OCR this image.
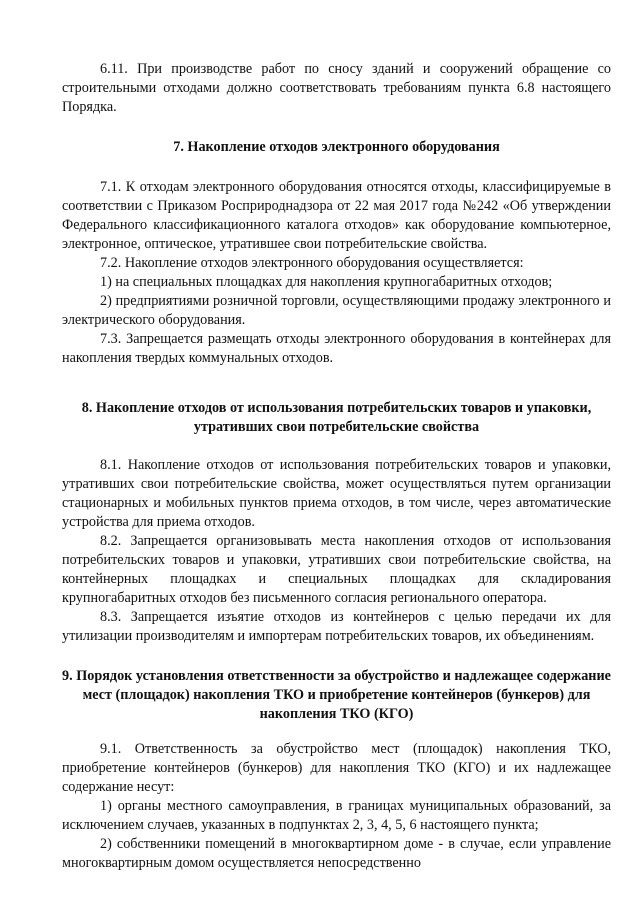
6.11. При производстве работ по сносу зданий и сооружений обращение со строительными отходами должно соответствовать требованиям пункта 6.8 настоящего Порядка.

7. Накопление отходов электронного оборудования

7.1. К отходам электронного оборудования относятся отходы, классифицируемые в соответствии с Приказом Росприроднадзора от 22 мая 2017 года №242 «Об утверждении Федерального классификационного каталога отходов» как оборудование компьютерное, электронное, оптическое, утратившее свои потребительские свойства.

7.2. Накопление отходов электронного оборудования осуществляется:

1) на специальных площадках для накопления крупногабаритных отходов;

2) предприятиями розничной торговли, осуществляющими продажу электронного и электрического оборудования.

7.3. Запрещается размещать отходы электронного оборудования в контейнерах для накопления твердых коммунальных отходов.

8. Накопление отходов от использования потребительских товаров и упаковки, утративших свои потребительские свойства

8.1. Накопление отходов от использования потребительских товаров и упаковки, утративших свои потребительские свойства, может осуществляться путем организации стационарных и мобильных пунктов приема отходов, в том числе, через автоматические устройства для приема отходов.

8.2. Запрещается организовывать места накопления отходов от использования потребительских товаров и упаковки, утративших свои потребительские свойства, на контейнерных площадках и специальных площадках для складирования крупногабаритных отходов без письменного согласия регионального оператора.

8.3. Запрещается изъятие отходов из контейнеров с целью передачи их для утилизации производителям и импортерам потребительских товаров, их объединениям.

9. Порядок установления ответственности за обустройство и надлежащее содержание мест (площадок) накопления ТКО и приобретение контейнеров (бункеров) для накопления ТКО (КГО)

9.1. Ответственность за обустройство мест (площадок) накопления ТКО, приобретение контейнеров (бункеров) для накопления ТКО (КГО) и их надлежащее содержание несут:

1) органы местного самоуправления, в границах муниципальных образований, за исключением случаев, указанных в подпунктах 2, 3, 4, 5, 6 настоящего пункта;

2) собственники помещений в многоквартирном доме - в случае, если управление многоквартирным домом осуществляется непосредственно
